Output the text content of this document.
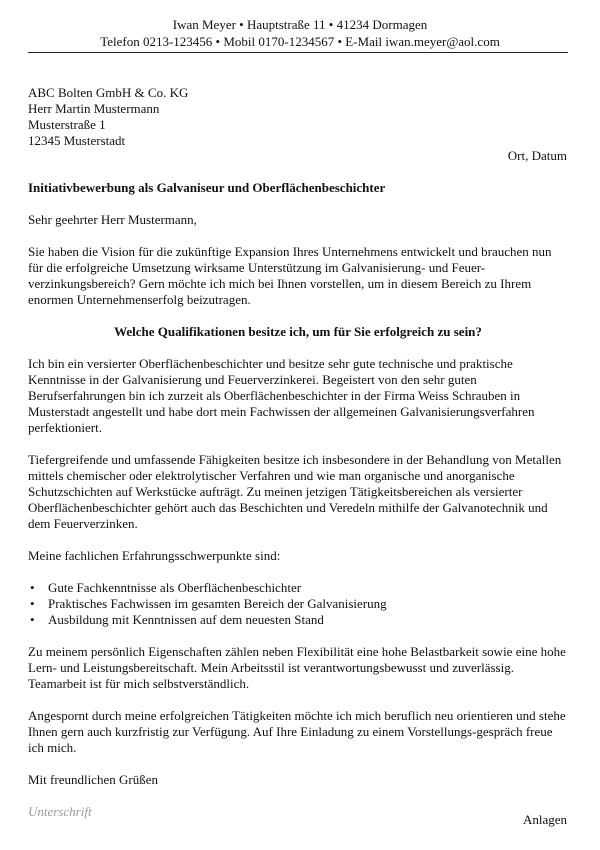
Iwan Meyer • Hauptstraße 11 • 41234 Dormagen
Telefon 0213-123456 • Mobil 0170-1234567 • E-Mail iwan.meyer@aol.com
ABC Bolten GmbH & Co. KG
Herr Martin Mustermann
Musterstraße 1
12345 Musterstadt
Ort, Datum

Initiativbewerbung als Galvaniseur und Oberflächenbeschichter

Sehr geehrter Herr Mustermann,

Sie haben die Vision für die zukünftige Expansion Ihres Unternehmens entwickelt und brauchen nun für die erfolgreiche Umsetzung wirksame Unterstützung im Galvanisierung- und Feuer-verzinkungsbereich? Gern möchte ich mich bei Ihnen vorstellen, um in diesem Bereich zu Ihrem enormen Unternehmenserfolg beizutragen.

Welche Qualifikationen besitze ich, um für Sie erfolgreich zu sein?

Ich bin ein versierter Oberflächenbeschichter und besitze sehr gute technische und praktische Kenntnisse in der Galvanisierung und Feuerverzinkerei. Begeistert von den sehr guten Berufserfahrungen bin ich zurzeit als Oberflächenbeschichter in der Firma Weiss Schrauben in Musterstadt angestellt und habe dort mein Fachwissen der allgemeinen Galvanisierungsverfahren perfektioniert.

Tiefergreifende und umfassende Fähigkeiten besitze ich insbesondere in der Behandlung von Metallen mittels chemischer oder elektrolytischer Verfahren und wie man organische und anorganische Schutzschichten auf Werkstücke aufträgt. Zu meinen jetzigen Tätigkeitsbereichen als versierter Oberflächenbeschichter gehört auch das Beschichten und Veredeln mithilfe der Galvanotechnik und dem Feuerverzinken.

Meine fachlichen Erfahrungsschwerpunkte sind:

• Gute Fachkenntnisse als Oberflächenbeschichter
• Praktisches Fachwissen im gesamten Bereich der Galvanisierung
• Ausbildung mit Kenntnissen auf dem neuesten Stand

Zu meinem persönlich Eigenschaften zählen neben Flexibilität eine hohe Belastbarkeit sowie eine hohe Lern- und Leistungsbereitschaft. Mein Arbeitsstil ist verantwortungsbewusst und zuverlässig. Teamarbeit ist für mich selbstverständlich.

Angespornt durch meine erfolgreichen Tätigkeiten möchte ich mich beruflich neu orientieren und stehe Ihnen gern auch kurzfristig zur Verfügung. Auf Ihre Einladung zu einem Vorstellungs-gespräch freue ich mich.

Mit freundlichen Grüßen

Unterschrift

Anlagen
